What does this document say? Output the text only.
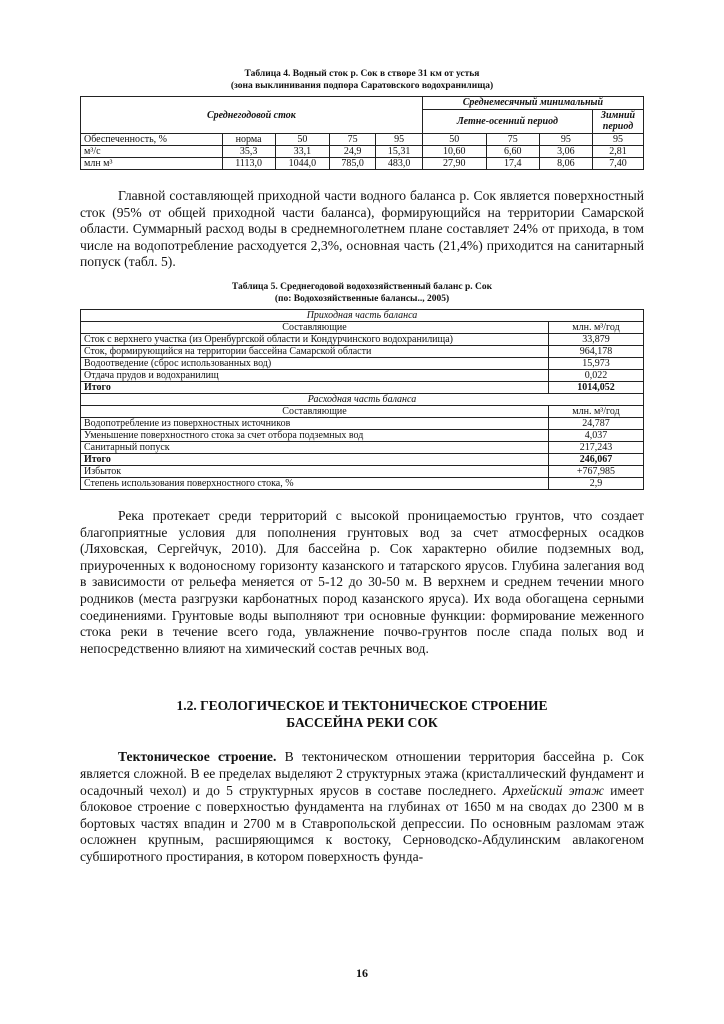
Таблица 4. Водный сток р. Сок в створе 31 км от устья
(зона выклинивания подпора Саратовского водохранилища)
Среднегодовой сток					Среднемесячный минимальный			
					Летне-осенний период			Зимний период
Обеспеченность, %	норма	50	75	95	50	75	95	95
м³/с	35,3	33,1	24,9	15,31	10,60	6,60	3,06	2,81
млн м³	1113,0	1044,0	785,0	483,0	27,90	17,4	8,06	7,40

Главной составляющей приходной части водного баланса р. Сок является поверхностный сток (95% от общей приходной части баланса), формирующийся на территории Самарской области. Суммарный расход воды в среднемноголетнем плане составляет 24% от прихода, в том числе на водопотребление расходуется 2,3%, основная часть (21,4%) приходится на санитарный попуск (табл. 5).

Таблица 5. Среднегодовой водохозяйственный баланс р. Сок
(по: Водохозяйственные балансы.., 2005)
Приходная часть баланса	
Составляющие	млн. м³/год
Сток с верхнего участка (из Оренбургской области и Кондурчинского водохранилища)	33,879
Сток, формирующийся на территории бассейна Самарской области	964,178
Водоотведение (сброс использованных вод)	15,973
Отдача прудов и водохранилищ	0,022
Итого	1014,052
Расходная часть баланса	
Составляющие	млн. м³/год
Водопотребление из поверхностных источников	24,787
Уменьшение поверхностного стока за счет отбора подземных вод	4,037
Санитарный попуск	217,243
Итого	246,067
Избыток	+767,985
Степень использования поверхностного стока, %	2,9

Река протекает среди территорий с высокой проницаемостью грунтов, что создает благоприятные условия для пополнения грунтовых вод за счет атмосферных осадков (Ляховская, Сергейчук, 2010). Для бассейна р. Сок характерно обилие подземных вод, приуроченных к водоносному горизонту казанского и татарского ярусов. Глубина залегания вод в зависимости от рельефа меняется от 5-12 до 30-50 м. В верхнем и среднем течении много родников (места разгрузки карбонатных пород казанского яруса). Их вода обогащена серными соединениями. Грунтовые воды выполняют три основные функции: формирование меженного стока реки в течение всего года, увлажнение почво-грунтов после спада полых вод и непосредственно влияют на химический состав речных вод.

1.2. ГЕОЛОГИЧЕСКОЕ И ТЕКТОНИЧЕСКОЕ СТРОЕНИЕ
БАССЕЙНА РЕКИ СОК

Тектоническое строение. В тектоническом отношении территория бассейна р. Сок является сложной. В ее пределах выделяют 2 структурных этажа (кристаллический фундамент и осадочный чехол) и до 5 структурных ярусов в составе последнего. Архейский этаж имеет блоковое строение с поверхностью фундамента на глубинах от 1650 м на сводах до 2300 м в бортовых частях впадин и 2700 м в Ставропольской депрессии. По основным разломам этаж осложнен крупным, расширяющимся к востоку, Серноводско-Абдулинским авлакогеном субширотного простирания, в котором поверхность фунда-

16
